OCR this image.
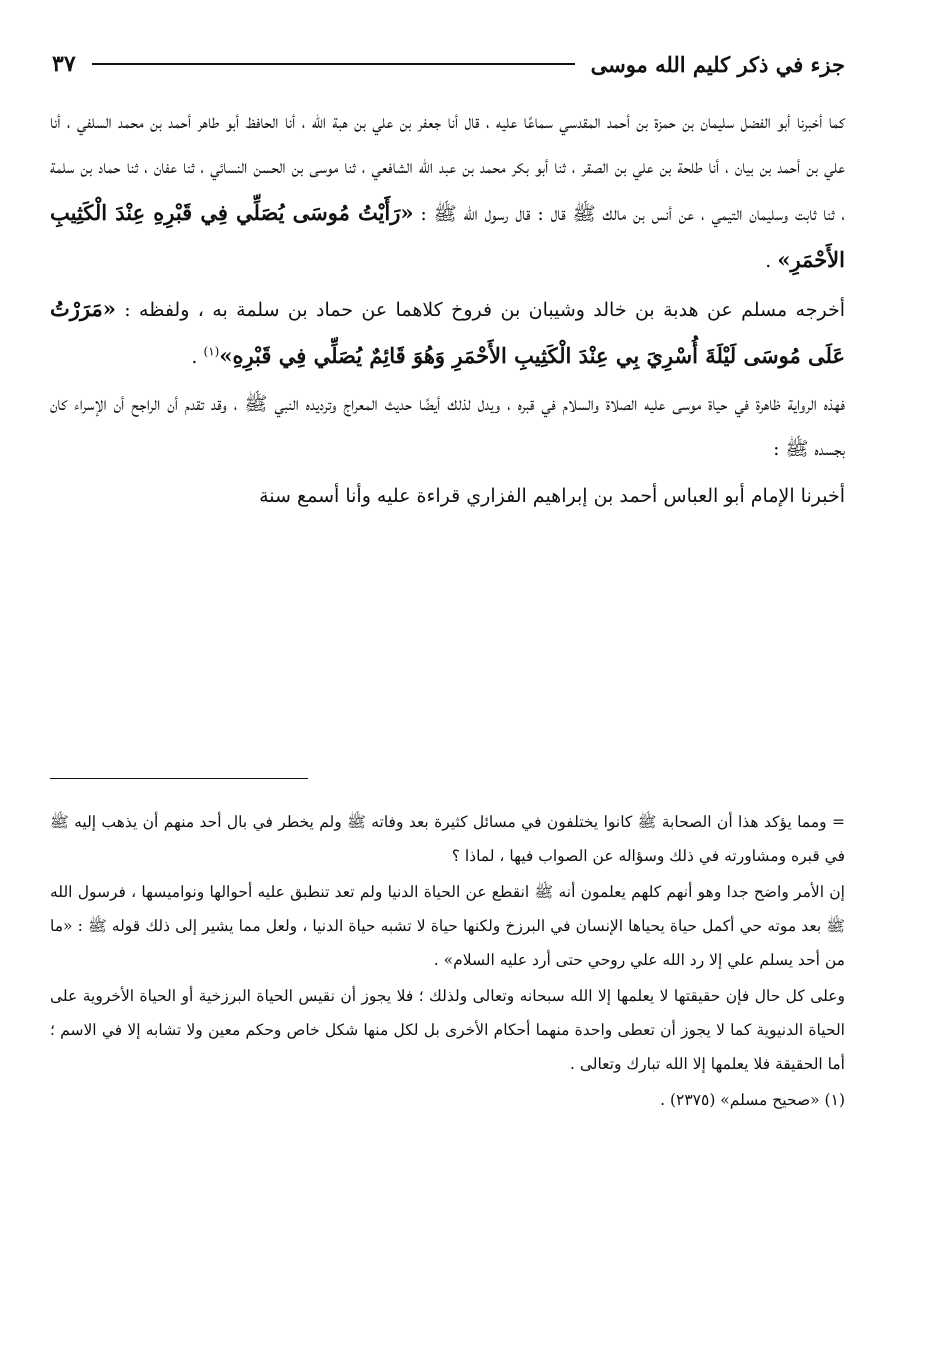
جزء في ذكر كليم الله موسى
٣٧

كما أخبرنا أبو الفضل سليمان بن حمزة بن أحمد المقدسي سماعًا عليه ، قال أنا جعفر بن علي بن هبة الله ، أنا الحافظ أبو طاهر أحمد بن محمد السلفي ، أنا علي بن أحمد بن بيان ، أنا طلحة بن علي بن الصقر ، ثنا أبو بكر محمد بن عبد الله الشافعي ، ثنا موسى بن الحسن النسائي ، ثنا عفان ، ثنا حماد بن سلمة ، ثنا ثابت وسليمان التيمي ، عن أنس بن مالك ﷺ قال : قال رسول الله ﷺ : «رَأَيْتُ مُوسَى يُصَلِّي فِي قَبْرِهِ عِنْدَ الْكَثِيبِ الأَحْمَرِ» .

أخرجه مسلم عن هدبة بن خالد وشيبان بن فروخ كلاهما عن حماد بن سلمة به ، ولفظه : «مَرَرْتُ عَلَى مُوسَى لَيْلَةَ أُسْرِيَ بِي عِنْدَ الْكَثِيبِ الأَحْمَرِ وَهُوَ قَائِمٌ يُصَلِّي فِي قَبْرِهِ»$^{(١)}$ .

فهذه الرواية ظاهرة في حياة موسى عليه الصلاة والسلام في قبره ، ويدل لذلك أيضًا حديث المعراج وترديده النبي ﷺ ، وقد تقدم أن الراجح أن الإسراء كان بجسده ﷺ :

أخبرنا الإمام أبو العباس أحمد بن إبراهيم الفزاري قراءة عليه وأنا أسمع سنة

= ومما يؤكد هذا أن الصحابة ﷺ كانوا يختلفون في مسائل كثيرة بعد وفاته ﷺ ولم يخطر في بال أحد منهم أن يذهب إليه ﷺ في قبره ومشاورته في ذلك وسؤاله عن الصواب فيها ، لماذا ؟

إن الأمر واضح جدا وهو أنهم كلهم يعلمون أنه ﷺ انقطع عن الحياة الدنيا ولم تعد تنطبق عليه أحوالها ونواميسها ، فرسول الله ﷺ بعد موته حي أكمل حياة يحياها الإنسان في البرزخ ولكنها حياة لا تشبه حياة الدنيا ، ولعل مما يشير إلى ذلك قوله ﷺ : «ما من أحد يسلم علي إلا رد الله علي روحي حتى أرد عليه السلام» .

وعلى كل حال فإن حقيقتها لا يعلمها إلا الله سبحانه وتعالى ولذلك ؛ فلا يجوز أن نقيس الحياة البرزخية أو الحياة الأخروية على الحياة الدنيوية كما لا يجوز أن تعطى واحدة منهما أحكام الأخرى بل لكل منها شكل خاص وحكم معين ولا تشابه إلا في الاسم ؛ أما الحقيقة فلا يعلمها إلا الله تبارك وتعالى .

(١) «صحيح مسلم» (٢٣٧٥) .
